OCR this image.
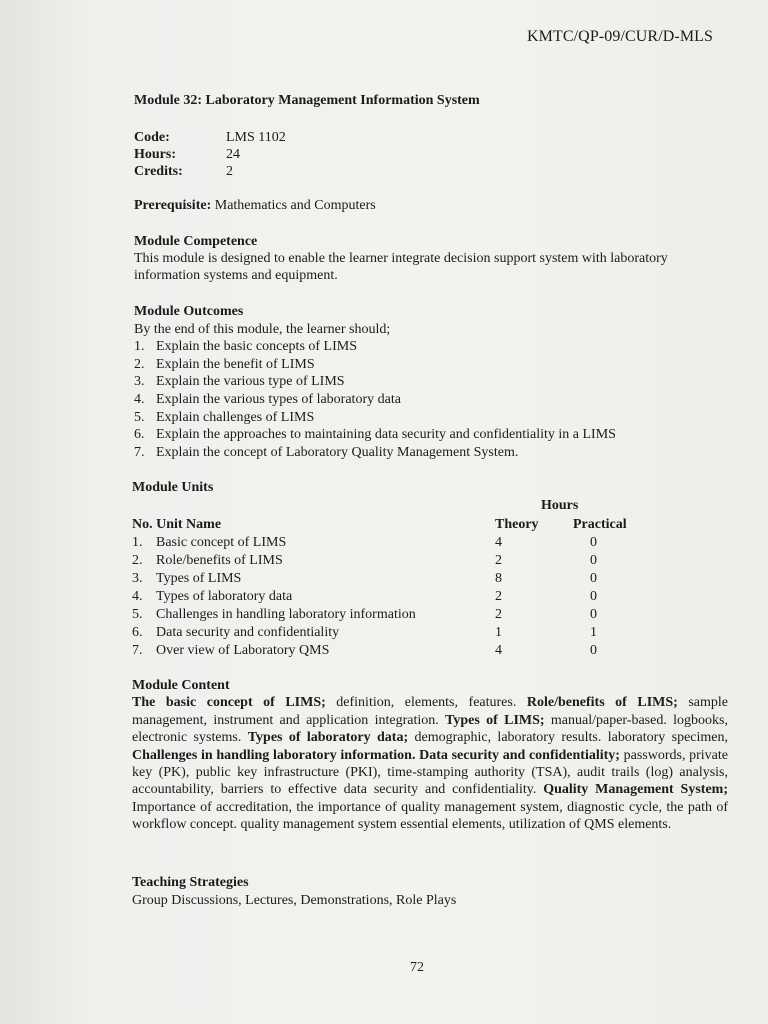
KMTC/QP-09/CUR/D-MLS
Module 32: Laboratory Management Information System
Code:	LMS 1102
Hours:	24
Credits:	2
Prerequisite: Mathematics and Computers
Module Competence
This module is designed to enable the learner integrate decision support system with laboratory information systems and equipment.
Module Outcomes
By the end of this module, the learner should;
1. Explain the basic concepts of LIMS
2. Explain the benefit of LIMS
3. Explain the various type of LIMS
4. Explain the various types of laboratory data
5. Explain challenges of LIMS
6. Explain the approaches to maintaining data security and confidentiality in a LIMS
7. Explain the concept of Laboratory Quality Management System.
Module Units
Hours
No. Unit Name	Theory	Practical
1. Basic concept of LIMS	4	0
2. Role/benefits of LIMS	2	0
3. Types of LIMS	8	0
4. Types of laboratory data	2	0
5. Challenges in handling laboratory information	2	0
6. Data security and confidentiality	1	1
7. Over view of Laboratory QMS	4	0
Module Content

The basic concept of LIMS; definition, elements, features. Role/benefits of LIMS; sample management, instrument and application integration. Types of LIMS; manual/paper-based. logbooks, electronic systems. Types of laboratory data; demographic, laboratory results. laboratory specimen, Challenges in handling laboratory information. Data security and confidentiality; passwords, private key (PK), public key infrastructure (PKI), time-stamping authority (TSA), audit trails (log) analysis, accountability, barriers to effective data security and confidentiality. Quality Management System; Importance of accreditation, the importance of quality management system, diagnostic cycle, the path of workflow concept. quality management system essential elements, utilization of QMS elements.

Teaching Strategies
Group Discussions, Lectures, Demonstrations, Role Plays
72
